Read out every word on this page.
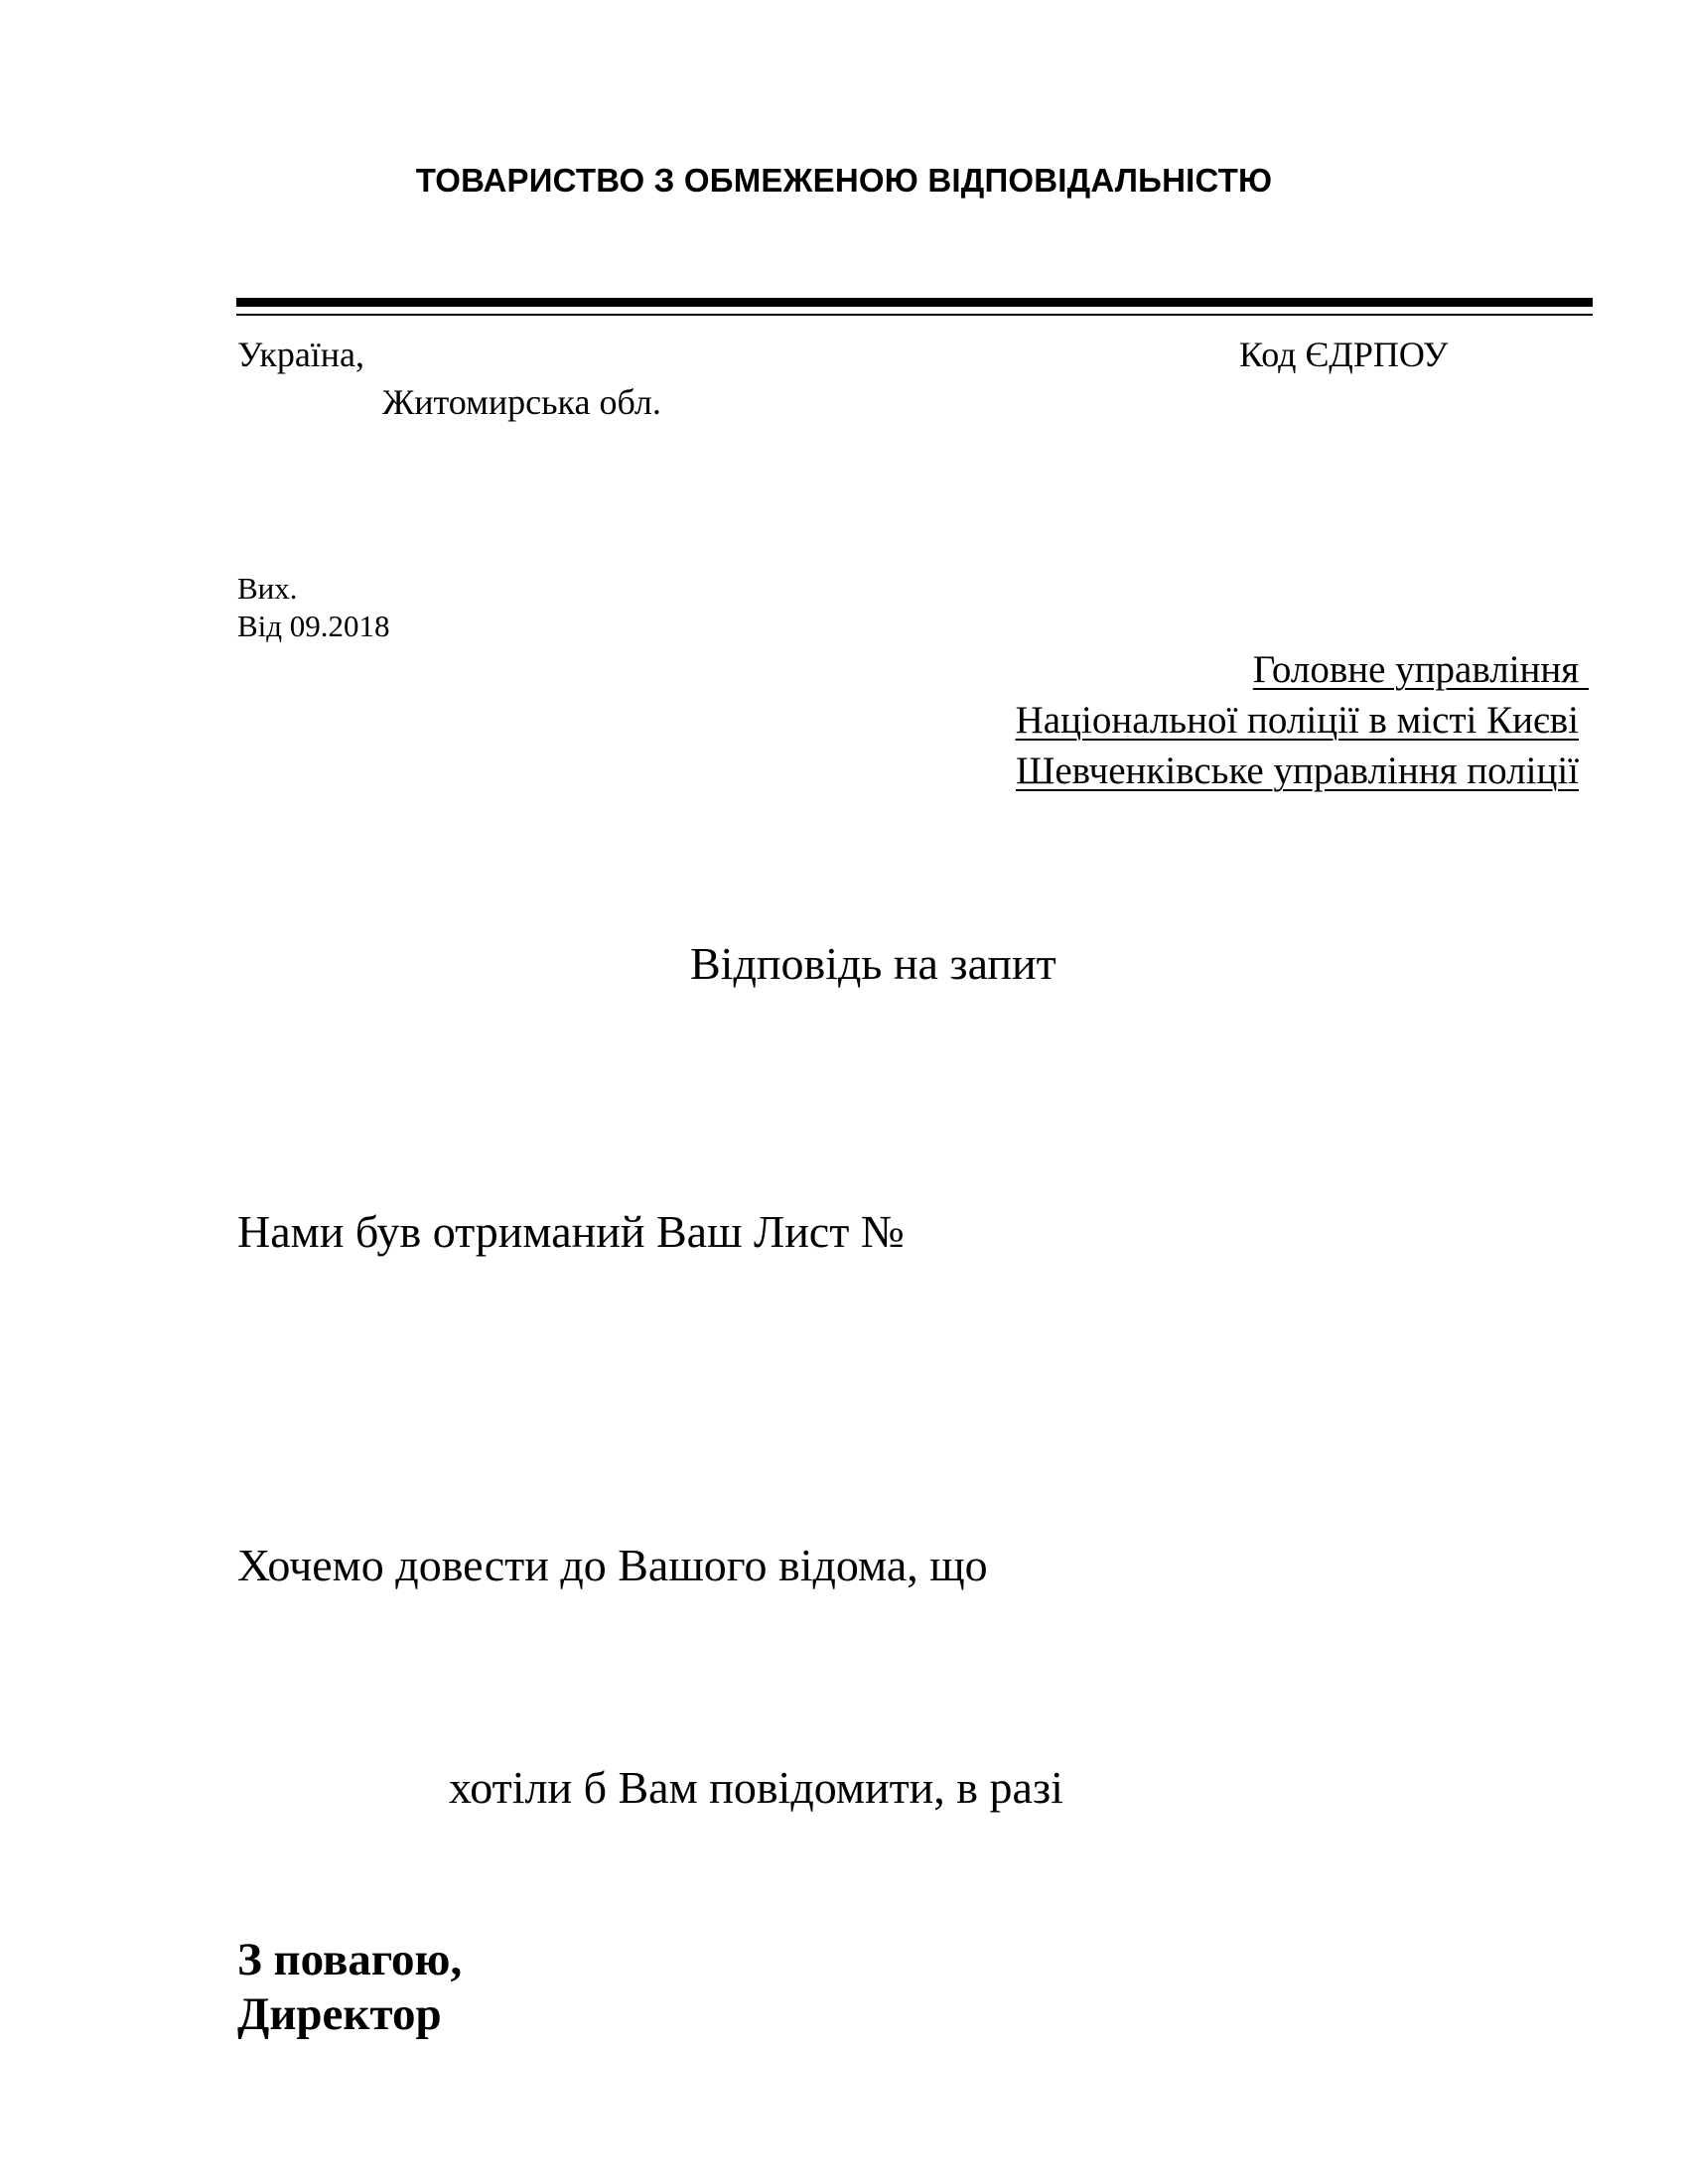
ТОВАРИСТВО З ОБМЕЖЕНОЮ ВІДПОВІДАЛЬНІСТЮ
Україна,
Житомирська обл.
Код ЄДРПОУ
Вих.
Від 09.2018
Головне управління
Національної поліції в місті Києві
Шевченківське управління поліції
Відповідь на запит
Нами був отриманий Ваш Лист №
Хочемо довести до Вашого відома, що
хотіли б Вам повідомити, в разі
З повагою,
Директор
